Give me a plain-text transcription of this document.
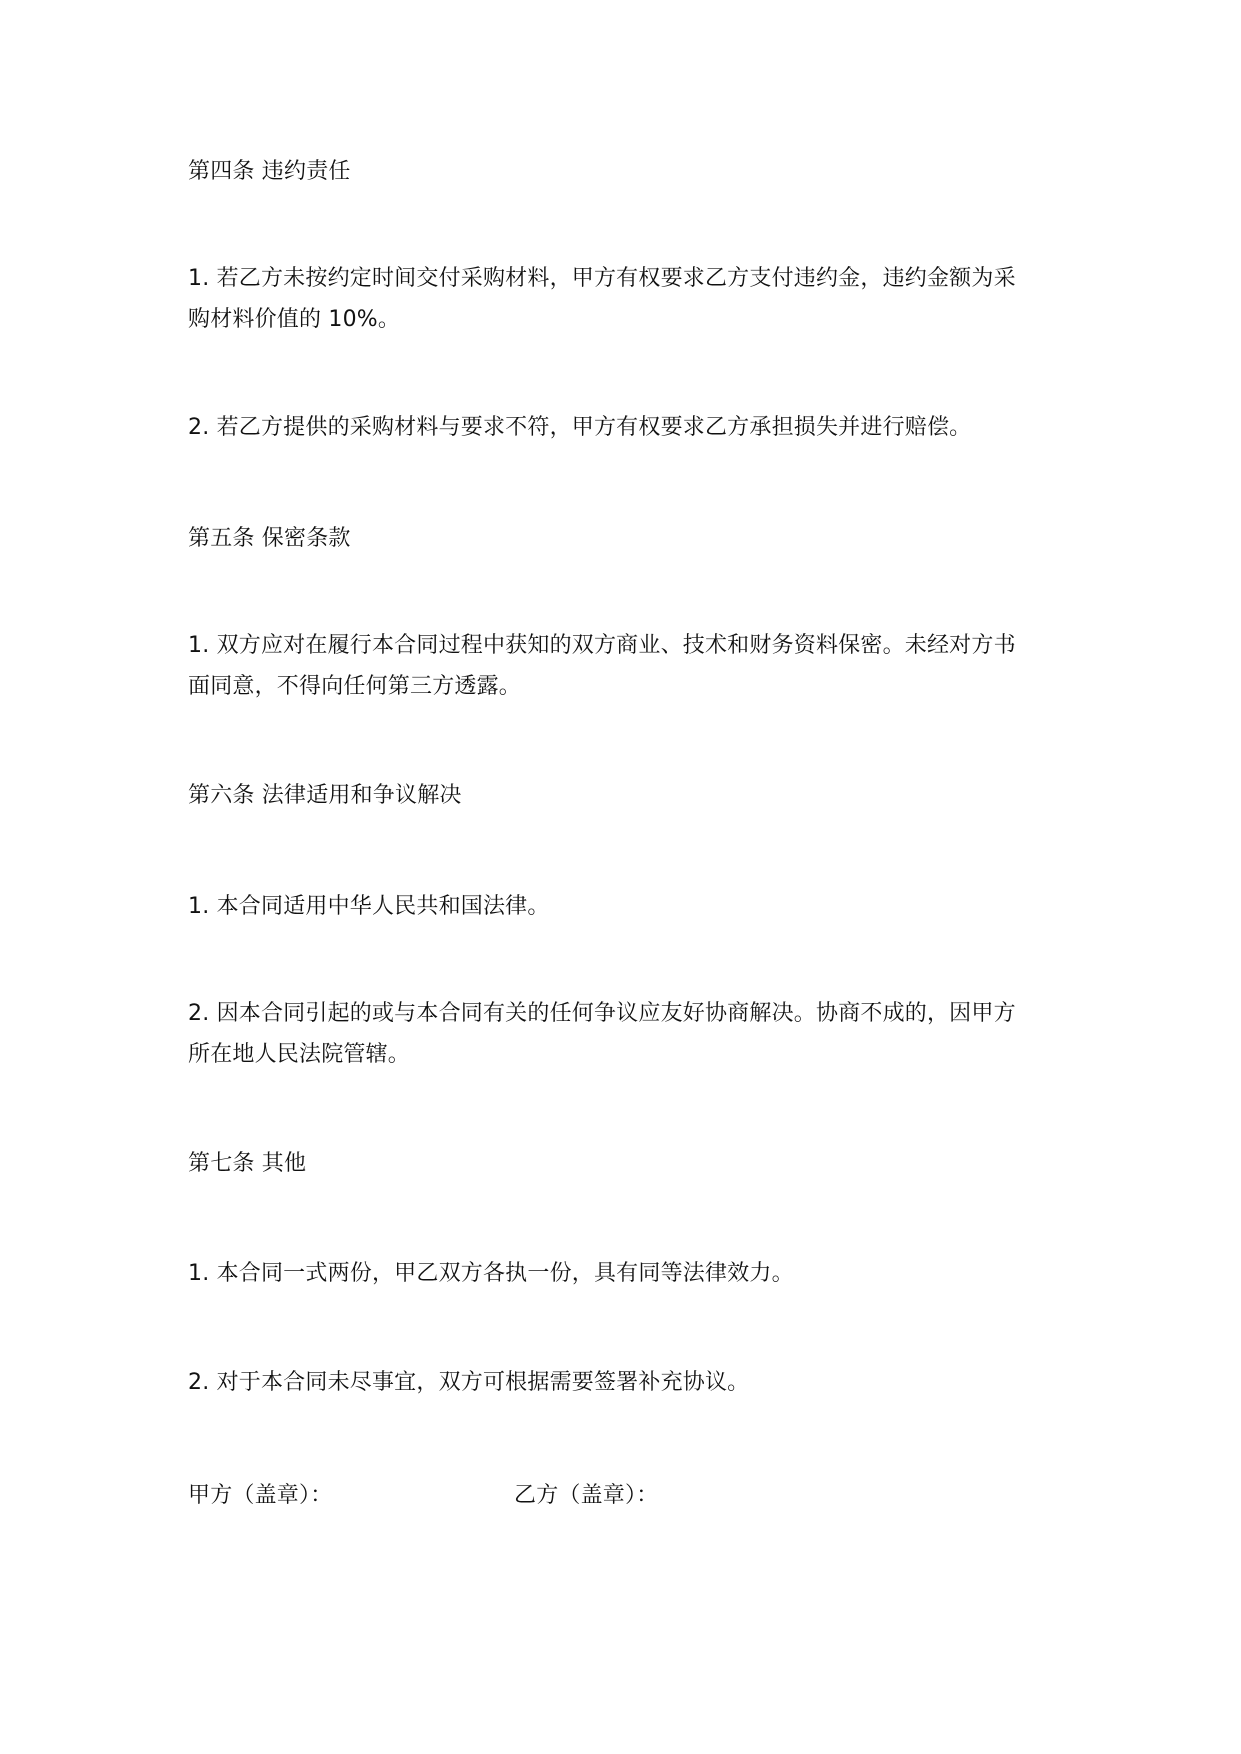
第四条 违约责任
1. 若乙方未按约定时间交付采购材料，甲方有权要求乙方支付违约金，违约金额为采
购材料价值的 10%。
2. 若乙方提供的采购材料与要求不符，甲方有权要求乙方承担损失并进行赔偿。
第五条 保密条款
1. 双方应对在履行本合同过程中获知的双方商业、技术和财务资料保密。未经对方书
面同意，不得向任何第三方透露。
第六条 法律适用和争议解决
1. 本合同适用中华人民共和国法律。
2. 因本合同引起的或与本合同有关的任何争议应友好协商解决。协商不成的，因甲方
所在地人民法院管辖。
第七条 其他
1. 本合同一式两份，甲乙双方各执一份，具有同等法律效力。
2. 对于本合同未尽事宜，双方可根据需要签署补充协议。
甲方（盖章）：	乙方（盖章）：
